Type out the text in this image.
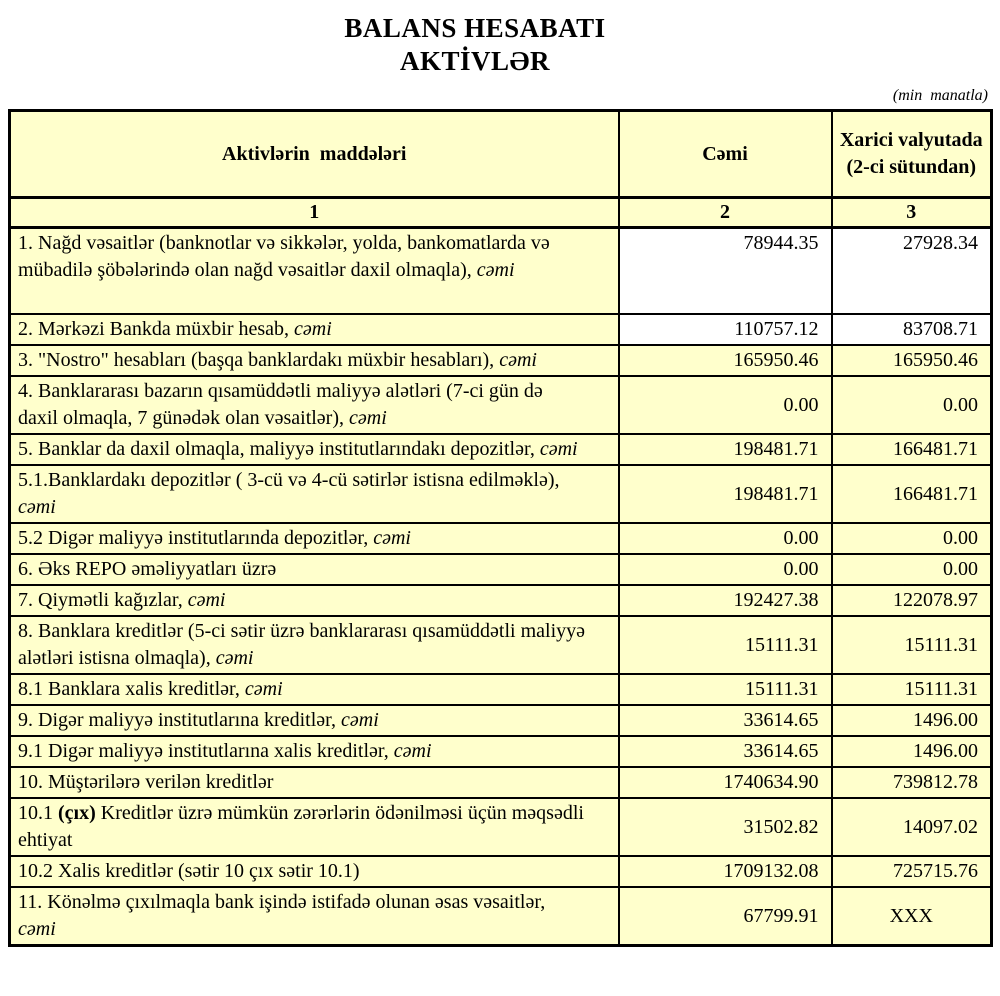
BALANS HESABATI
AKTİVLƏR
(min  manatla)
Aktivlərin  maddələri	Cəmi	Xarici valyutada (2-ci sütundan)
1	2	3
1. Nağd vəsaitlər (banknotlar və sikkələr, yolda, bankomatlarda və mübadilə şöbələrində olan nağd vəsaitlər daxil olmaqla), cəmi	78944.35	27928.34
2. Mərkəzi Bankda müxbir hesab, cəmi	110757.12	83708.71
3. "Nostro" hesabları (başqa banklardakı müxbir hesabları), cəmi	165950.46	165950.46
4. Banklararası bazarın qısamüddətli maliyyə alətləri (7-ci gün də daxil olmaqla, 7 günədək olan vəsaitlər), cəmi	0.00	0.00
5. Banklar da daxil olmaqla, maliyyə institutlarındakı depozitlər, cəmi	198481.71	166481.71
5.1.Banklardakı depozitlər ( 3-cü və 4-cü sətirlər istisna edilməklə), cəmi	198481.71	166481.71
5.2 Digər maliyyə institutlarında depozitlər, cəmi	0.00	0.00
6. Əks REPO əməliyyatları üzrə	0.00	0.00
7. Qiymətli kağızlar, cəmi	192427.38	122078.97
8. Banklara kreditlər (5-ci sətir üzrə banklararası qısamüddətli maliyyə alətləri istisna olmaqla), cəmi	15111.31	15111.31
8.1 Banklara xalis kreditlər, cəmi	15111.31	15111.31
9. Digər maliyyə institutlarına kreditlər, cəmi	33614.65	1496.00
9.1 Digər maliyyə institutlarına xalis kreditlər, cəmi	33614.65	1496.00
10. Müştərilərə verilən kreditlər	1740634.90	739812.78
10.1 (çıx) Kreditlər üzrə mümkün zərərlərin ödənilməsi üçün məqsədli ehtiyat	31502.82	14097.02
10.2 Xalis kreditlər (sətir 10 çıx sətir 10.1)	1709132.08	725715.76
11. Könəlmə çıxılmaqla bank işində istifadə olunan əsas vəsaitlər, cəmi	67799.91	XXX
